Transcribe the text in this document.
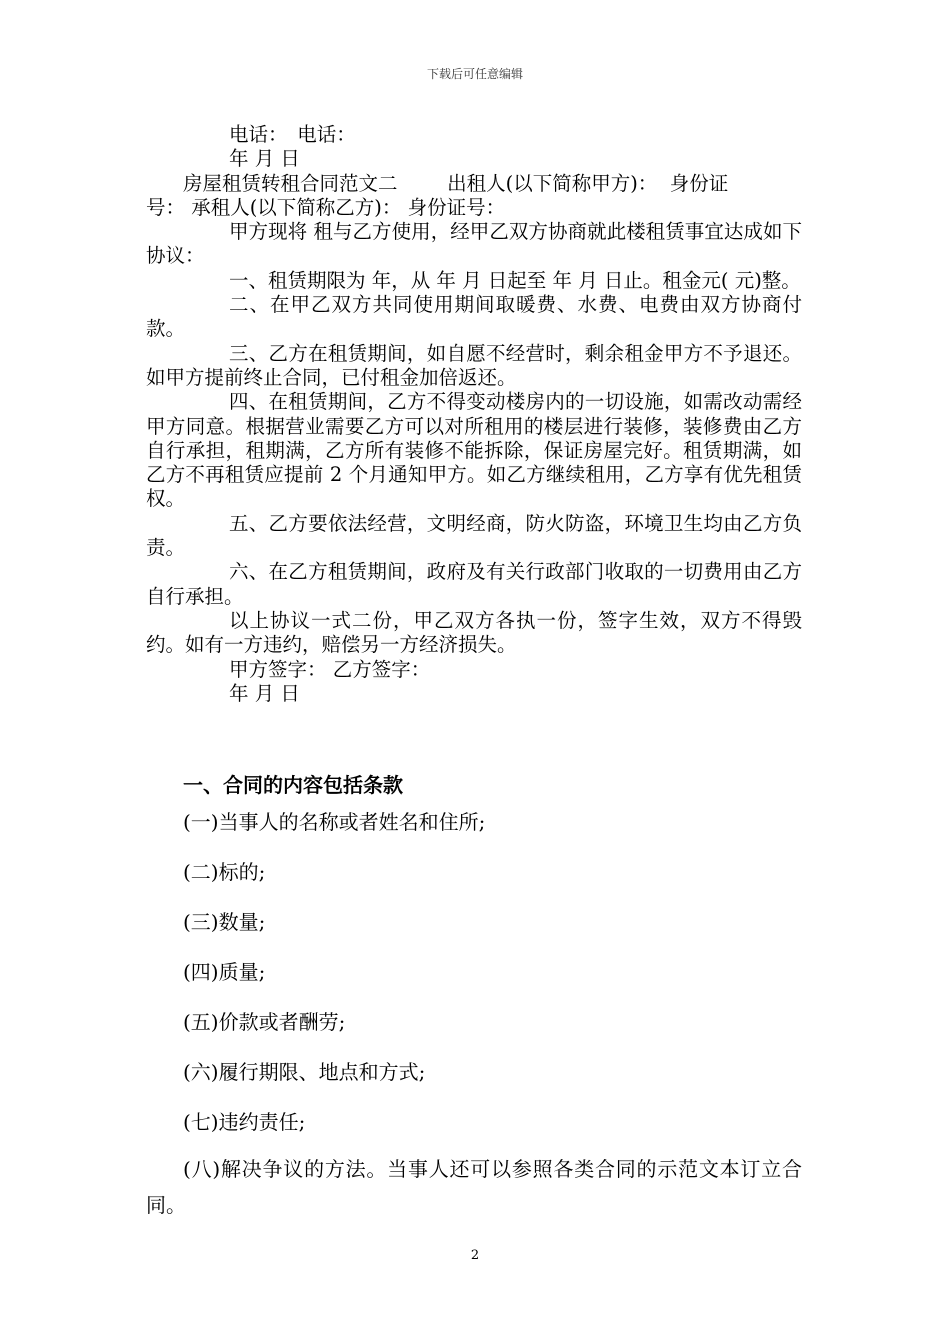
下载后可任意编辑
电话：　电话：
年 月 日
房屋租赁转租合同范文二        出租人(以下简称甲方)：  身份证
号： 承租人(以下简称乙方)： 身份证号：

甲方现将 租与乙方使用，经甲乙双方协商就此楼租赁事宜达成如下协议：

一、租赁期限为 年，从 年 月 日起至 年 月 日止。租金元( 元)整。

二、在甲乙双方共同使用期间取暖费、水费、电费由双方协商付款。

三、乙方在租赁期间，如自愿不经营时，剩余租金甲方不予退还。如甲方提前终止合同，已付租金加倍返还。

四、在租赁期间，乙方不得变动楼房内的一切设施，如需改动需经甲方同意。根据营业需要乙方可以对所租用的楼层进行装修，装修费由乙方自行承担，租期满，乙方所有装修不能拆除，保证房屋完好。租赁期满，如乙方不再租赁应提前 2 个月通知甲方。如乙方继续租用，乙方享有优先租赁权。

五、乙方要依法经营，文明经商，防火防盗，环境卫生均由乙方负责。

六、在乙方租赁期间，政府及有关行政部门收取的一切费用由乙方自行承担。

以上协议一式二份，甲乙双方各执一份，签字生效，双方不得毁约。如有一方违约，赔偿另一方经济损失。

甲方签字： 乙方签字：
年 月 日

一、合同的内容包括条款

(一)当事人的名称或者姓名和住所;

(二)标的;

(三)数量;

(四)质量;

(五)价款或者酬劳;

(六)履行期限、地点和方式;

(七)违约责任;

(八)解决争议的方法。当事人还可以参照各类合同的示范文本订立合同。

2
